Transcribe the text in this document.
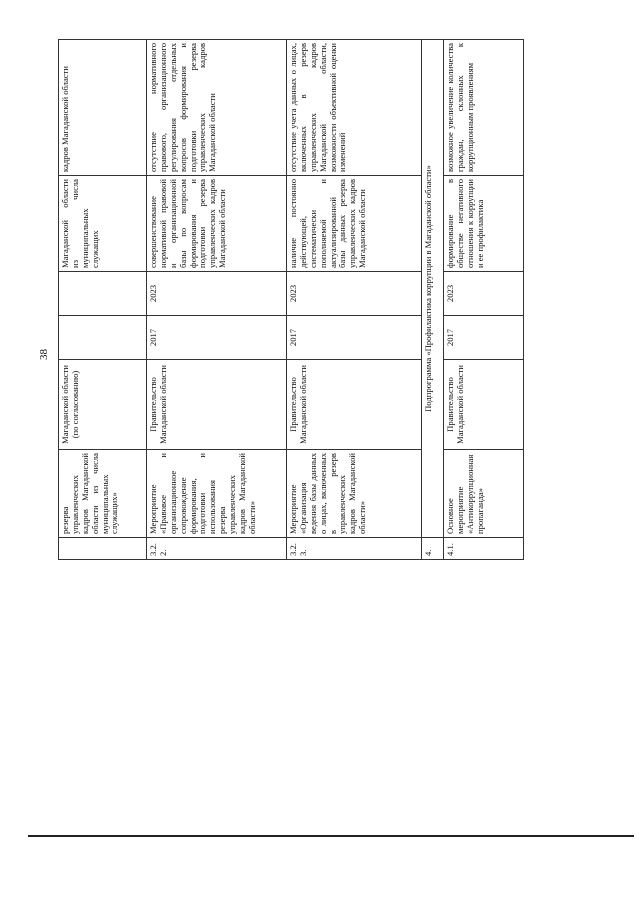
38
	резерва управленческих кадров Магаданской области из числа муниципальных служащих»	Магаданской области (по согласованию)			Магаданской области из числа муниципальных служащих	кадров Магаданской области
3.2.2.	Мероприятие «Правовое и организационное сопровождение формирования, подготовки и использования резерва управленческих кадров Магаданской области»	Правительство Магаданской области	2017	2023	совершенствование нормативной правовой и организационной базы по вопросам формирования и подготовки резерва управленческих кадров Магаданской области	отсутствие нормативного правового, организационного регулирования отдельных вопросов формирования и подготовки резерва управленческих кадров Магаданской области
3.2.3.	Мероприятие «Организация ведения базы данных о лицах, включенных в резерв управленческих кадров Магаданской области»	Правительство Магаданской области	2017	2023	наличие постоянно действующей, систематически пополняемой и актуализированной базы данных резерва управленческих кадров Магаданской области	отсутствие учета данных о лицах, включенных в резерв управленческих кадров Магаданской области, возможности объективной оценки изменений
4.	Подпрограмма «Профилактика коррупции в Магаданской области»					
4.1.	Основное мероприятие «Антикоррупционная пропаганда»	Правительство Магаданской области	2017	2023	формирование в обществе негативного отношения к коррупции и ее профилактика	возможное увеличение количества граждан, склонных к коррупционным проявлениям
